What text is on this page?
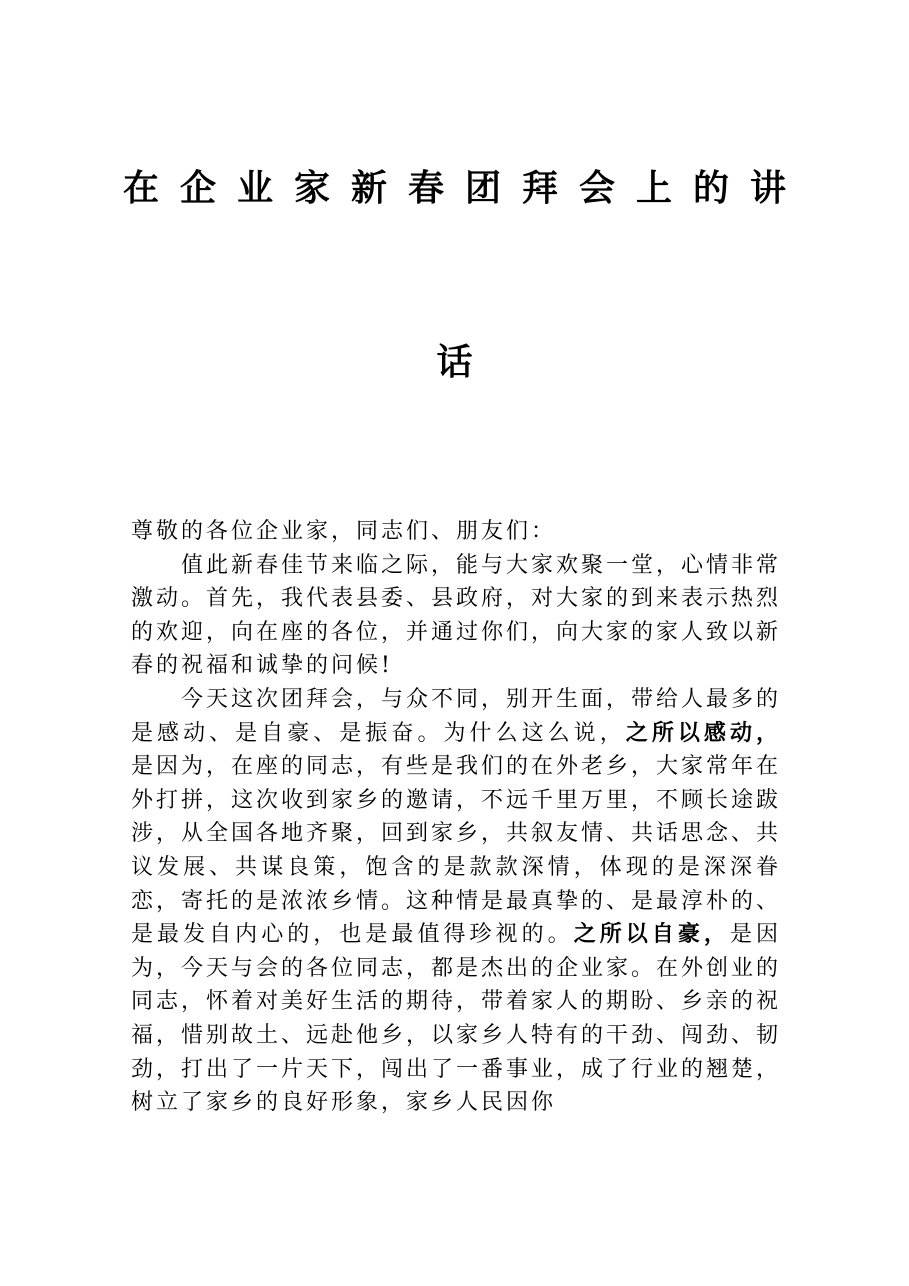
在企业家新春团拜会上的讲
话

尊敬的各位企业家，同志们、朋友们：

值此新春佳节来临之际，能与大家欢聚一堂，心情非常激动。首先，我代表县委、县政府，对大家的到来表示热烈的欢迎，向在座的各位，并通过你们，向大家的家人致以新春的祝福和诚挚的问候!

今天这次团拜会，与众不同，别开生面，带给人最多的是感动、是自豪、是振奋。为什么这么说，之所以感动，是因为，在座的同志，有些是我们的在外老乡，大家常年在外打拼，这次收到家乡的邀请，不远千里万里，不顾长途跋涉，从全国各地齐聚，回到家乡，共叙友情、共话思念、共议发展、共谋良策，饱含的是款款深情，体现的是深深眷恋，寄托的是浓浓乡情。这种情是最真挚的、是最淳朴的、是最发自内心的，也是最值得珍视的。之所以自豪，是因为，今天与会的各位同志，都是杰出的企业家。在外创业的同志，怀着对美好生活的期待，带着家人的期盼、乡亲的祝福，惜别故土、远赴他乡，以家乡人特有的干劲、闯劲、韧劲，打出了一片天下，闯出了一番事业，成了行业的翘楚，树立了家乡的良好形象，家乡人民因你
